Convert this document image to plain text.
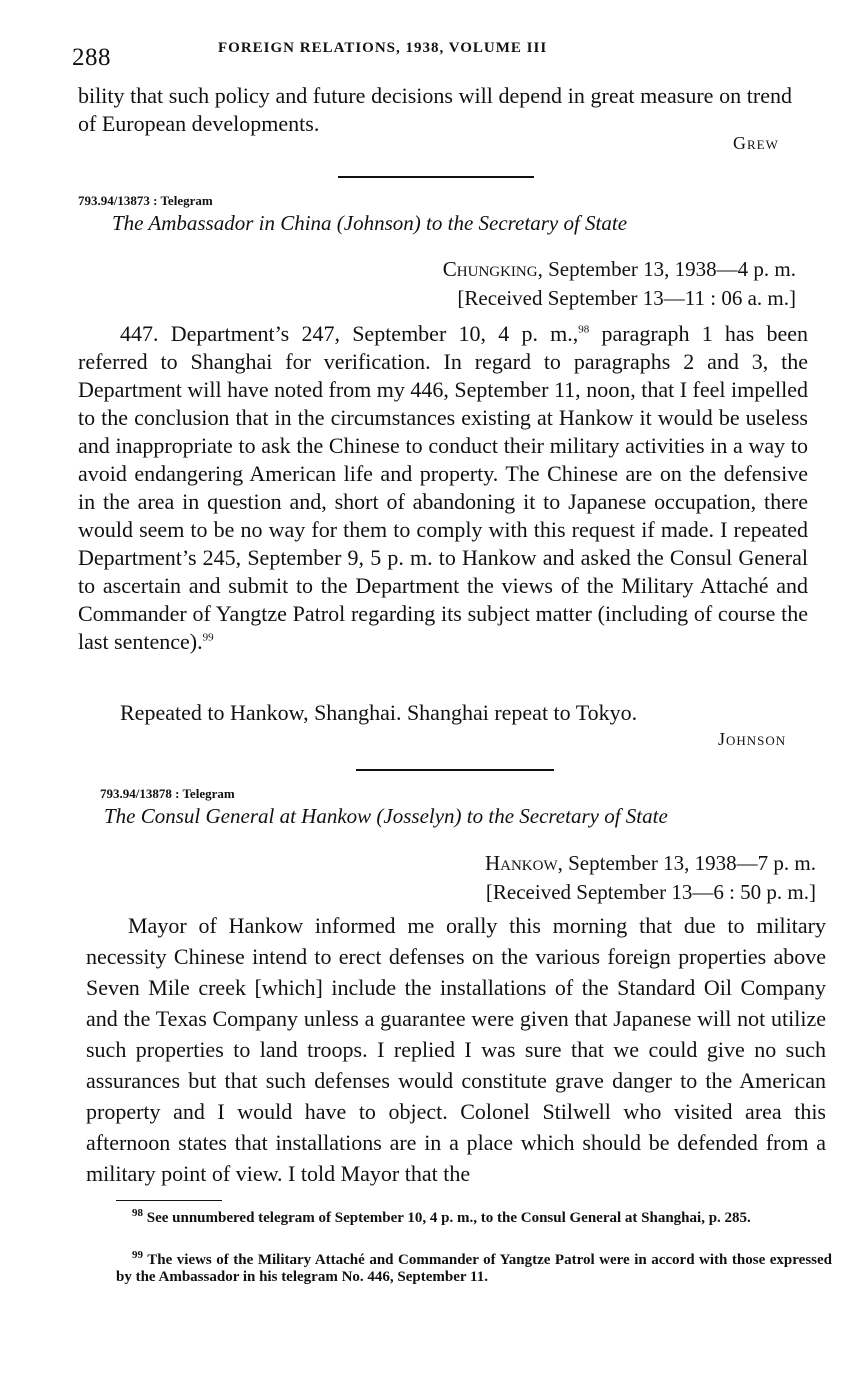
288	FOREIGN RELATIONS, 1938, VOLUME III

bility that such policy and future decisions will depend in great measure on trend of European developments.

Grew
793.94/13873 : Telegram
The Ambassador in China (Johnson) to the Secretary of State
Chungking, September 13, 1938—4 p. m.
[Received September 13—11 : 06 a. m.]

447. Department’s 247, September 10, 4 p. m.,$^{98}$ paragraph 1 has been referred to Shanghai for verification. In regard to paragraphs 2 and 3, the Department will have noted from my 446, September 11, noon, that I feel impelled to the conclusion that in the circumstances existing at Hankow it would be useless and inappropriate to ask the Chinese to conduct their military activities in a way to avoid endangering American life and property. The Chinese are on the defensive in the area in question and, short of abandoning it to Japanese occupation, there would seem to be no way for them to comply with this request if made. I repeated Department’s 245, September 9, 5 p. m. to Hankow and asked the Consul General to ascertain and submit to the Department the views of the Military Attaché and Commander of Yangtze Patrol regarding its subject matter (including of course the last sentence).$^{99}$

Repeated to Hankow, Shanghai. Shanghai repeat to Tokyo.

Johnson
793.94/13878 : Telegram
The Consul General at Hankow (Josselyn) to the Secretary of State
Hankow, September 13, 1938—7 p. m.
[Received September 13—6 : 50 p. m.]

Mayor of Hankow informed me orally this morning that due to military necessity Chinese intend to erect defenses on the various foreign properties above Seven Mile creek [which] include the installations of the Standard Oil Company and the Texas Company unless a guarantee were given that Japanese will not utilize such properties to land troops. I replied I was sure that we could give no such assurances but that such defenses would constitute grave danger to the American property and I would have to object. Colonel Stilwell who visited area this afternoon states that installations are in a place which should be defended from a military point of view. I told Mayor that the

$^{98}$ See unnumbered telegram of September 10, 4 p. m., to the Consul General at Shanghai, p. 285.
$^{99}$ The views of the Military Attaché and Commander of Yangtze Patrol were in accord with those expressed by the Ambassador in his telegram No. 446, September 11.
